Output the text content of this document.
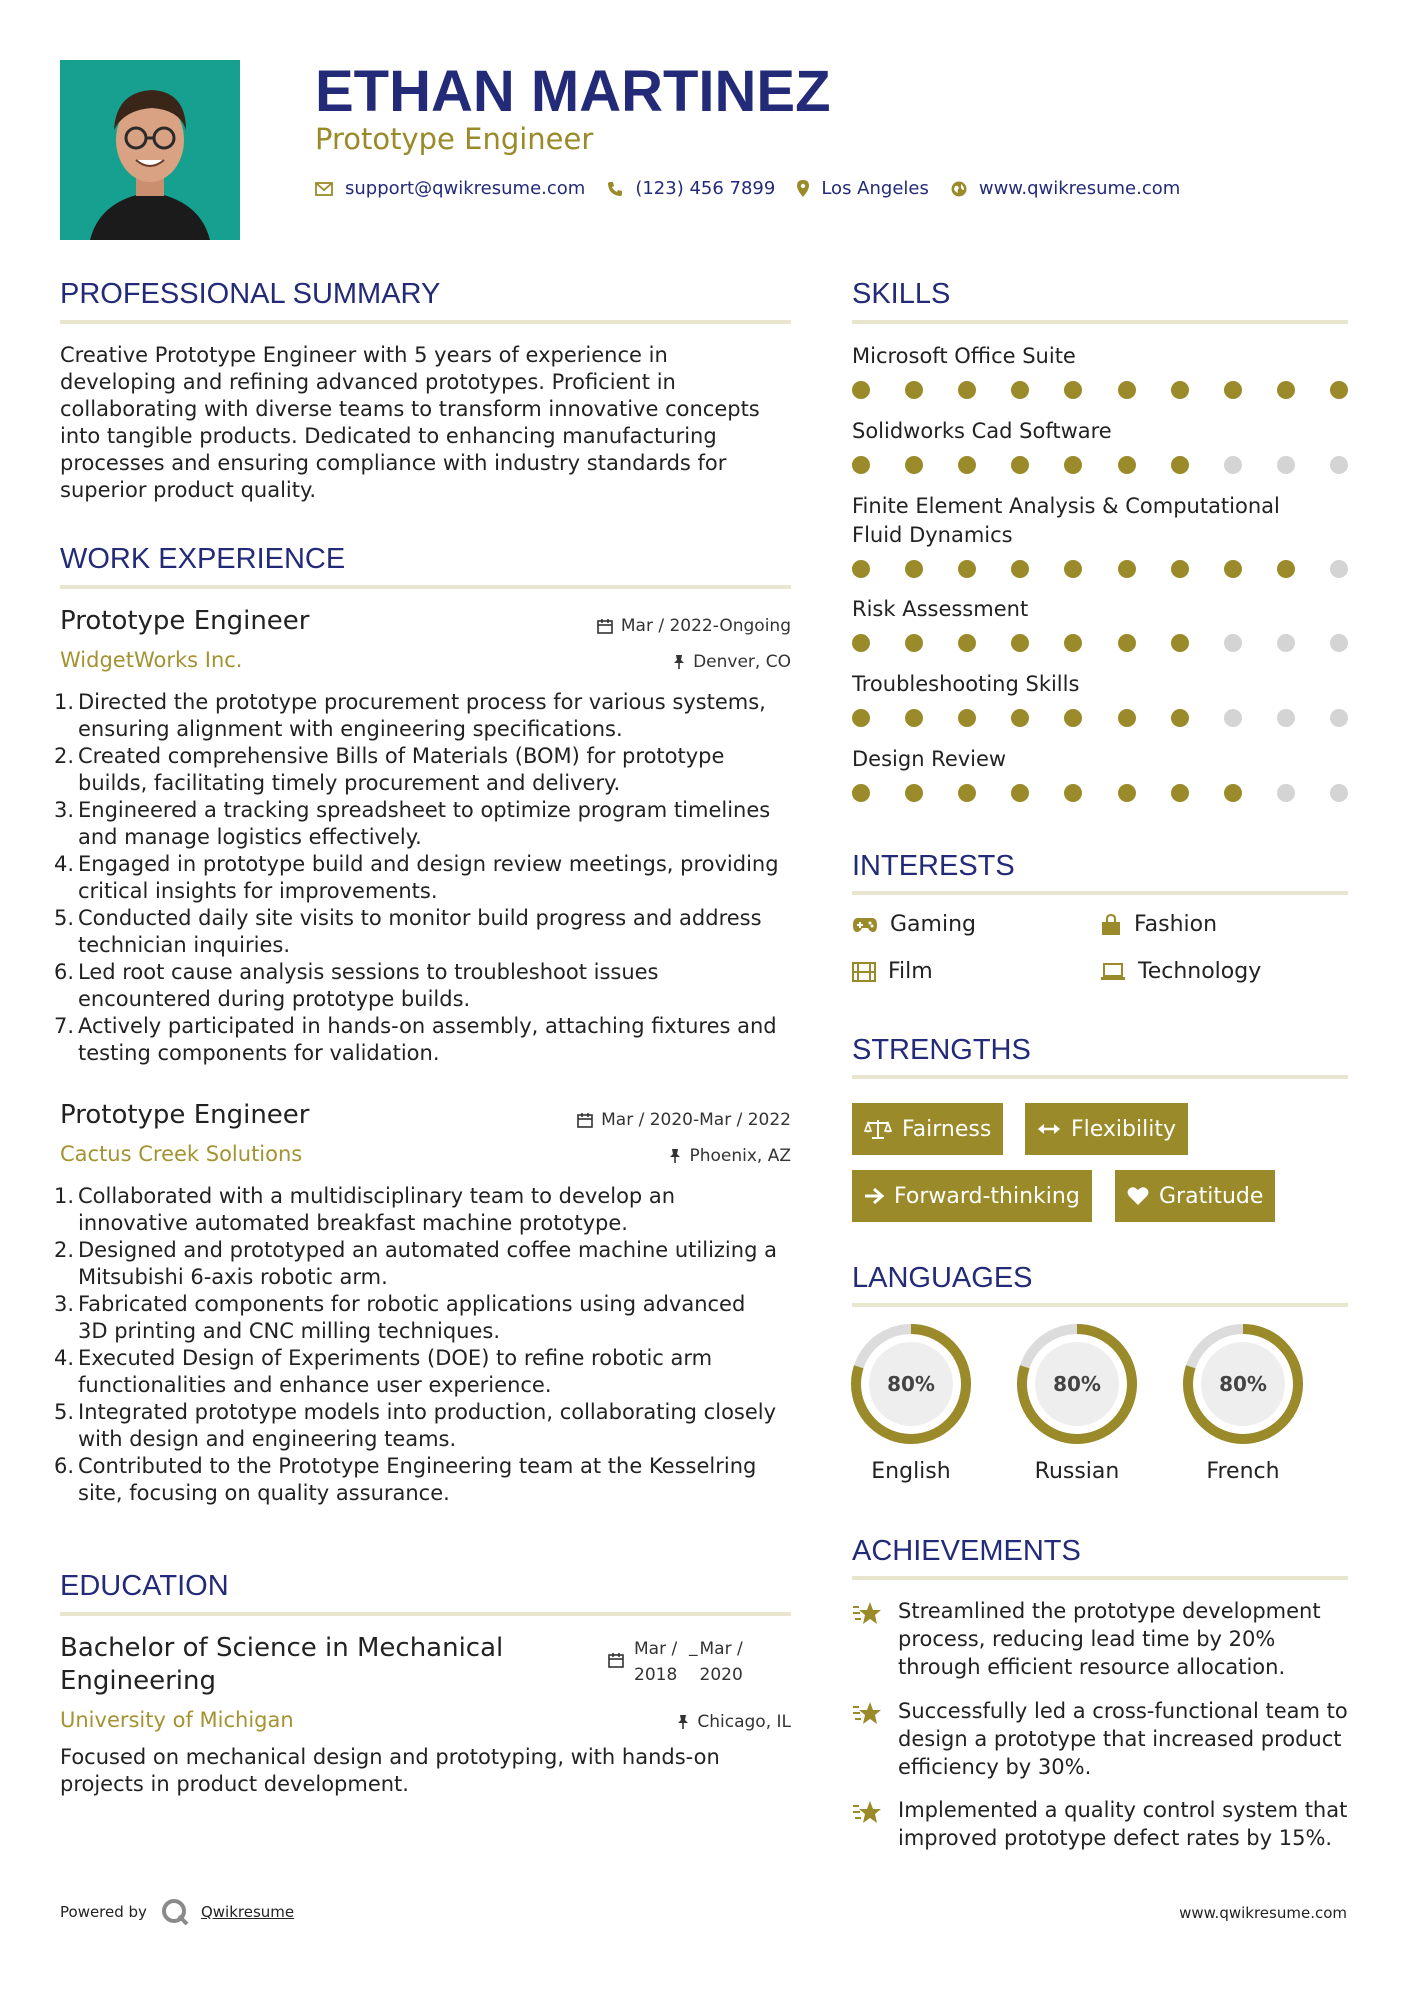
ETHAN MARTINEZ
Prototype Engineer
support@qwikresume.com	(123) 456 7899	Los Angeles	www.qwikresume.com
PROFESSIONAL SUMMARY
Creative Prototype Engineer with 5 years of experience in developing and refining advanced prototypes. Proficient in collaborating with diverse teams to transform innovative concepts into tangible products. Dedicated to enhancing manufacturing processes and ensuring compliance with industry standards for superior product quality.
WORK EXPERIENCE
Prototype Engineer
WidgetWorks Inc.
Mar / 2022-Ongoing
Denver, CO
1. Directed the prototype procurement process for various systems, ensuring alignment with engineering specifications.
2. Created comprehensive Bills of Materials (BOM) for prototype builds, facilitating timely procurement and delivery.
3. Engineered a tracking spreadsheet to optimize program timelines and manage logistics effectively.
4. Engaged in prototype build and design review meetings, providing critical insights for improvements.
5. Conducted daily site visits to monitor build progress and address technician inquiries.
6. Led root cause analysis sessions to troubleshoot issues encountered during prototype builds.
7. Actively participated in hands-on assembly, attaching fixtures and testing components for validation.
Prototype Engineer
Cactus Creek Solutions
Mar / 2020-Mar / 2022
Phoenix, AZ
1. Collaborated with a multidisciplinary team to develop an innovative automated breakfast machine prototype.
2. Designed and prototyped an automated coffee machine utilizing a Mitsubishi 6-axis robotic arm.
3. Fabricated components for robotic applications using advanced 3D printing and CNC milling techniques.
4. Executed Design of Experiments (DOE) to refine robotic arm functionalities and enhance user experience.
5. Integrated prototype models into production, collaborating closely with design and engineering teams.
6. Contributed to the Prototype Engineering team at the Kesselring site, focusing on quality assurance.
EDUCATION
Bachelor of Science in Mechanical Engineering
Mar /
2018
_ Mar /
2020
University of Michigan	Chicago, IL
Focused on mechanical design and prototyping, with hands-on projects in product development.
SKILLS
Microsoft Office Suite
Solidworks Cad Software
Finite Element Analysis & Computational Fluid Dynamics
Risk Assessment
Troubleshooting Skills
Design Review
INTERESTS
Gaming	Fashion
Film	Technology
STRENGTHS
Fairness	Flexibility
Forward-thinking	Gratitude
LANGUAGES
80%
English
80%
Russian
80%
French
ACHIEVEMENTS
Streamlined the prototype development process, reducing lead time by 20% through efficient resource allocation.
Successfully led a cross-functional team to design a prototype that increased product efficiency by 30%.
Implemented a quality control system that improved prototype defect rates by 15%.
Powered by	Qwikresume	www.qwikresume.com
